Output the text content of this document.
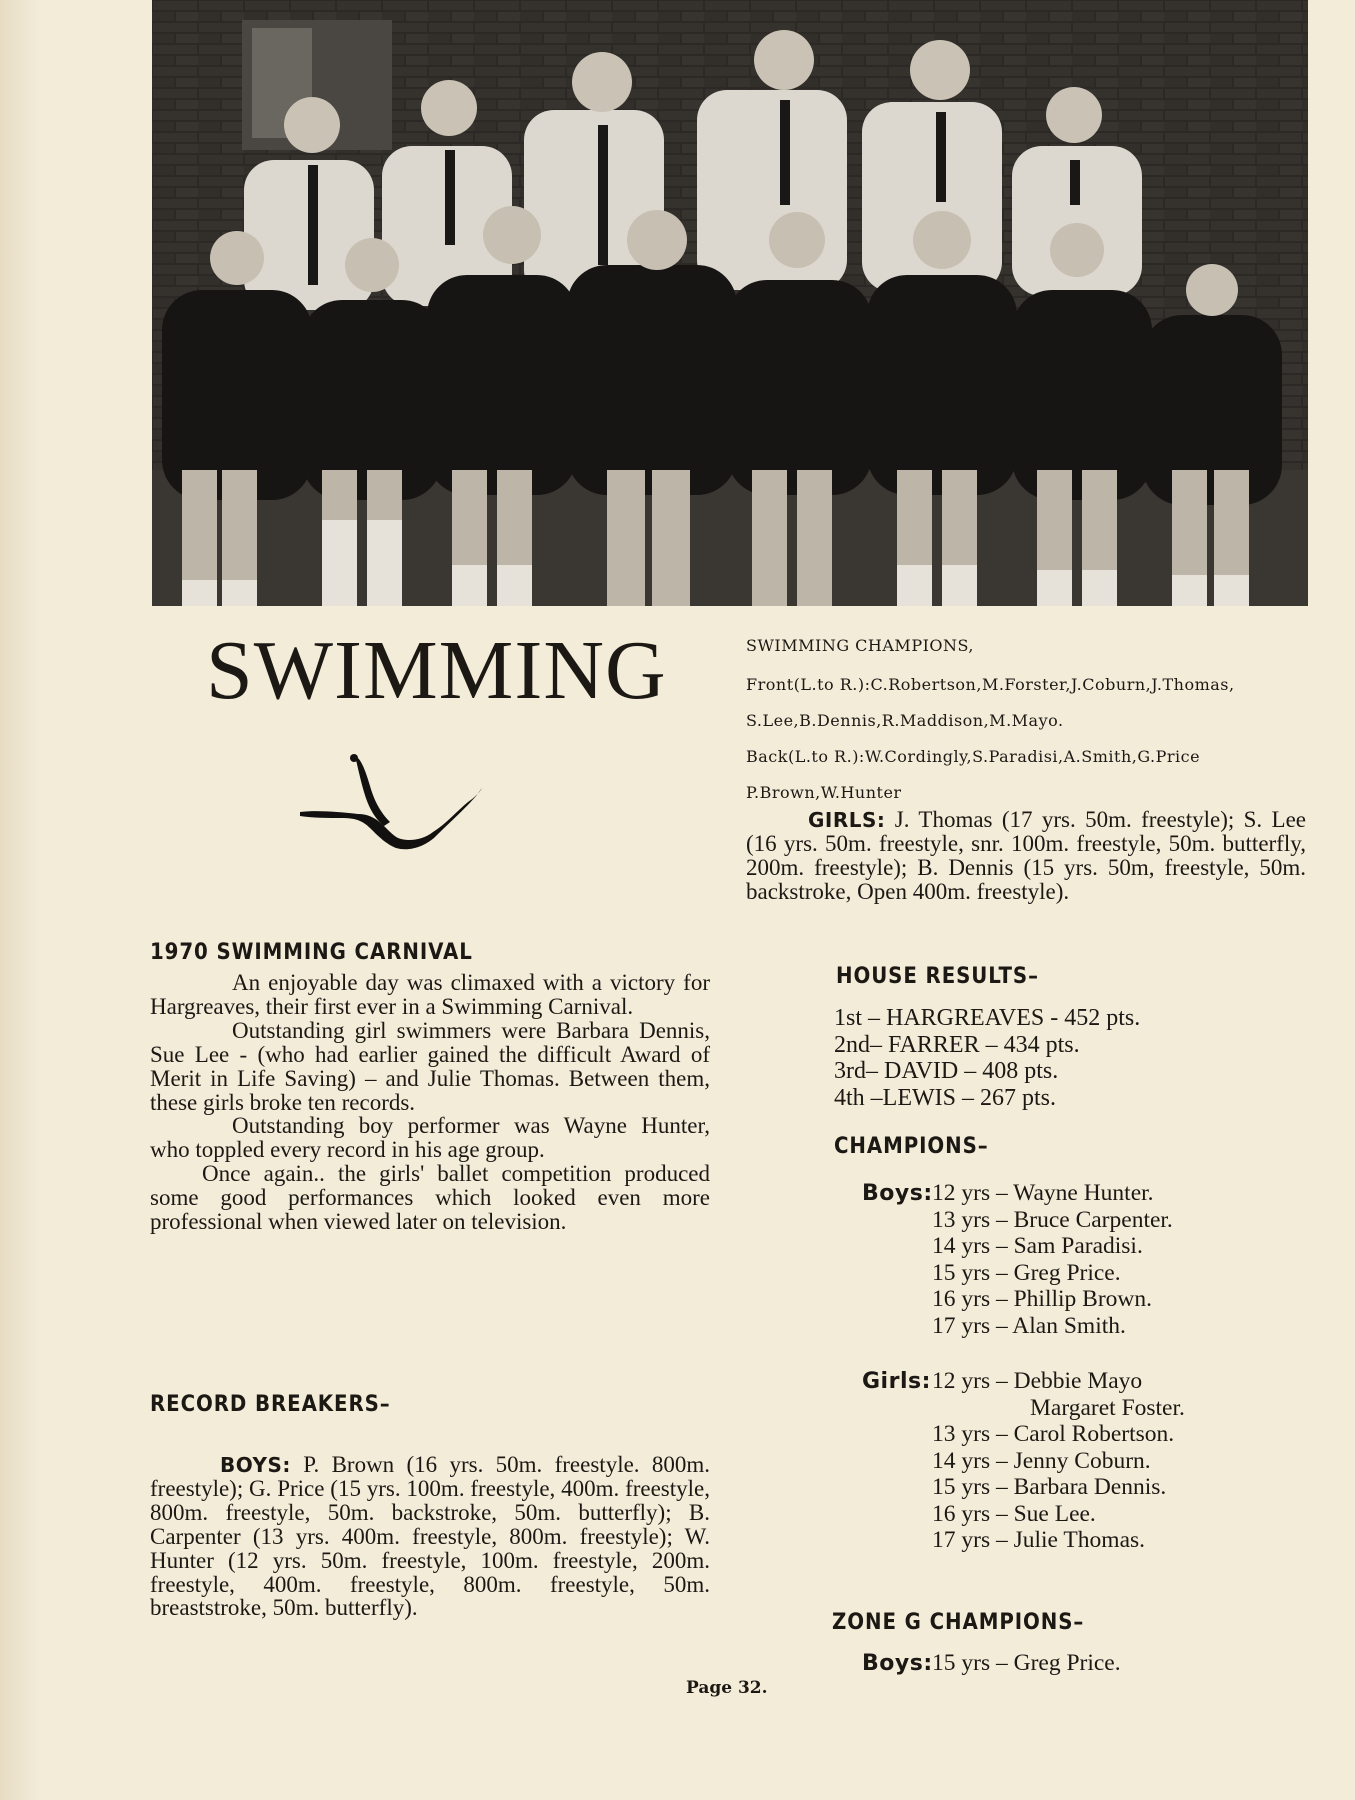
SWIMMING	SWIMMING CHAMPIONS,
Front(L.to R.):C.Robertson,M.Forster,J.Coburn,J.Thomas,
S.Lee,B.Dennis,R.Maddison,M.Mayo.
Back(L.to R.):W.Cordingly,S.Paradisi,A.Smith,G.Price
P.Brown,W.Hunter
1970 SWIMMING CARNIVAL

An enjoyable day was climaxed with a victory for Hargreaves, their first ever in a Swimming Carnival.

Outstanding girl swimmers were Barbara Dennis, Sue Lee - (who had earlier gained the difficult Award of Merit in Life Saving) – and Julie Thomas. Between them, these girls broke ten records.

Outstanding boy performer was Wayne Hunter, who toppled every record in his age group.

Once again.. the girls' ballet competition produced some good performances which looked even more professional when viewed later on television.

RECORD BREAKERS–

BOYS: P. Brown (16 yrs. 50m. freestyle. 800m. freestyle); G. Price (15 yrs. 100m. freestyle, 400m. freestyle, 800m. freestyle, 50m. backstroke, 50m. butterfly); B. Carpenter (13 yrs. 400m. freestyle, 800m. freestyle); W. Hunter (12 yrs. 50m. freestyle, 100m. freestyle, 200m. freestyle, 400m. freestyle, 800m. freestyle, 50m. breaststroke, 50m. butterfly).

GIRLS: J. Thomas (17 yrs. 50m. freestyle); S. Lee (16 yrs. 50m. freestyle, snr. 100m. freestyle, 50m. butterfly, 200m. freestyle); B. Dennis (15 yrs. 50m, freestyle, 50m. backstroke, Open 400m. freestyle).

HOUSE RESULTS–
1st – HARGREAVES - 452 pts.
2nd– FARRER – 434 pts.
3rd– DAVID – 408 pts.
4th –LEWIS – 267 pts.
CHAMPIONS–
Boys: 12 yrs – Wayne Hunter.
13 yrs – Bruce Carpenter.
14 yrs – Sam Paradisi.
15 yrs – Greg Price.
16 yrs – Phillip Brown.
17 yrs – Alan Smith.
Girls: 12 yrs – Debbie Mayo
Margaret Foster.
13 yrs – Carol Robertson.
14 yrs – Jenny Coburn.
15 yrs – Barbara Dennis.
16 yrs – Sue Lee.
17 yrs – Julie Thomas.
ZONE G CHAMPIONS–
Boys: 15 yrs – Greg Price.
Page 32.
